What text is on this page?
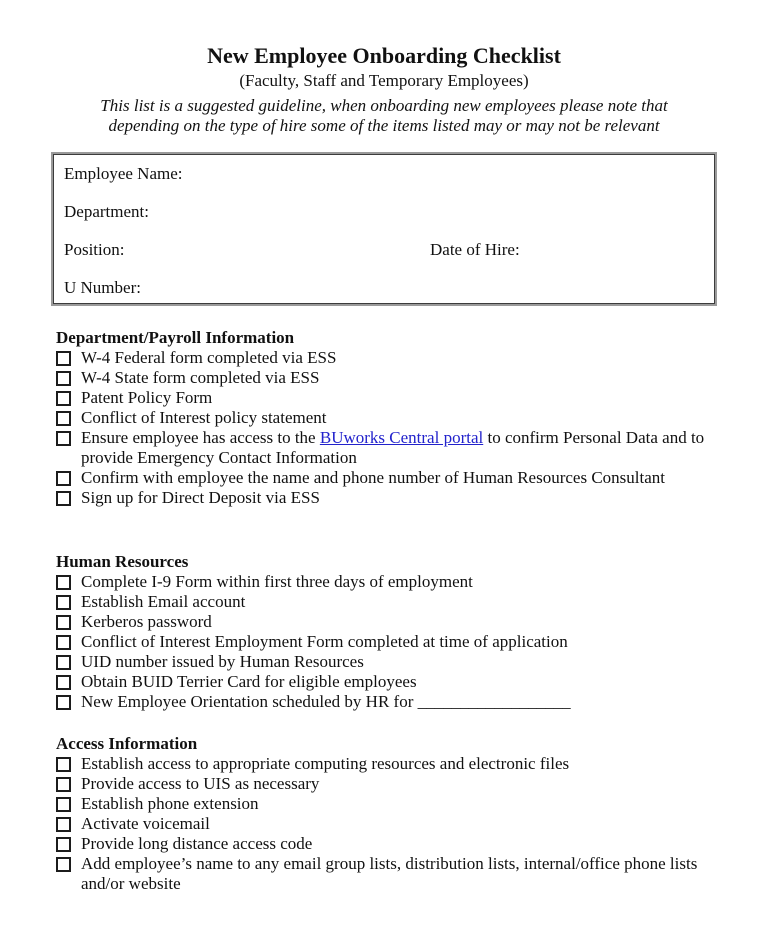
New Employee Onboarding Checklist
(Faculty, Staff and Temporary Employees)
This list is a suggested guideline, when onboarding new employees please note that
depending on the type of hire some of the items listed may or may not be relevant
Employee Name:
Department:
Position:	Date of Hire:
U Number:
Department/Payroll Information
W-4 Federal form completed via ESS
W-4 State form completed via ESS
Patent Policy Form
Conflict of Interest policy statement
Ensure employee has access to the BUworks Central portal to confirm Personal Data and to provide Emergency Contact Information
Confirm with employee the name and phone number of Human Resources Consultant
Sign up for Direct Deposit via ESS
Human Resources
Complete I-9 Form within first three days of employment
Establish Email account
Kerberos password
Conflict of Interest Employment Form completed at time of application
UID number issued by Human Resources
Obtain BUID Terrier Card for eligible employees
New Employee Orientation scheduled by HR for __________________
Access Information
Establish access to appropriate computing resources and electronic files
Provide access to UIS as necessary
Establish phone extension
Activate voicemail
Provide long distance access code
Add employee’s name to any email group lists, distribution lists, internal/office phone lists and/or website
